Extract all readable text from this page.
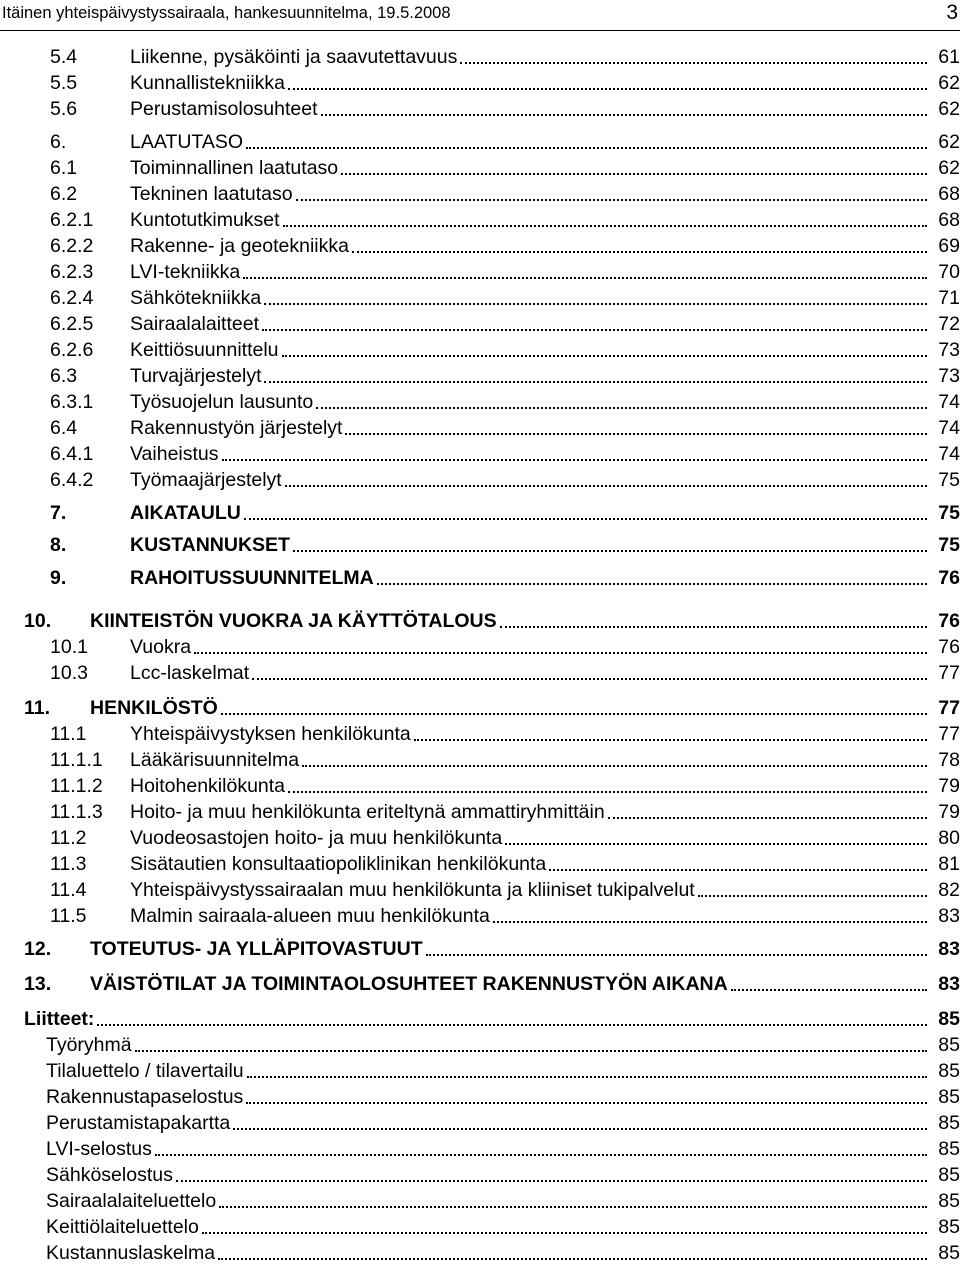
Itäinen yhteispäivystyssairaala, hankesuunnitelma, 19.5.2008	3
5.4	Liikenne, pysäköinti ja saavutettavuus	61
5.5	Kunnallistekniikka	62
5.6	Perustamisolosuhteet	62
6.	LAATUTASO	62
6.1	Toiminnallinen laatutaso	62
6.2	Tekninen laatutaso	68
6.2.1	Kuntotutkimukset	68
6.2.2	Rakenne- ja geotekniikka	69
6.2.3	LVI-tekniikka	70
6.2.4	Sähkötekniikka	71
6.2.5	Sairaalalaitteet	72
6.2.6	Keittiösuunnittelu	73
6.3	Turvajärjestelyt	73
6.3.1	Työsuojelun lausunto	74
6.4	Rakennustyön järjestelyt	74
6.4.1	Vaiheistus	74
6.4.2	Työmaajärjestelyt	75
7.	AIKATAULU	75
8.	KUSTANNUKSET	75
9.	RAHOITUSSUUNNITELMA	76
10.	KIINTEISTÖN VUOKRA JA KÄYTTÖTALOUS	76
10.1	Vuokra	76
10.3	Lcc-laskelmat	77
11.	HENKILÖSTÖ	77
11.1	Yhteispäivystyksen henkilökunta	77
11.1.1	Lääkärisuunnitelma	78
11.1.2	Hoitohenkilökunta	79
11.1.3	Hoito- ja muu henkilökunta eriteltynä ammattiryhmittäin	79
11.2	Vuodeosastojen hoito- ja muu henkilökunta	80
11.3	Sisätautien konsultaatiopoliklinikan henkilökunta	81
11.4	Yhteispäivystyssairaalan muu henkilökunta ja kliiniset tukipalvelut	82
11.5	Malmin sairaala-alueen muu henkilökunta	83
12.	TOTEUTUS- JA YLLÄPITOVASTUUT	83
13.	VÄISTÖTILAT JA TOIMINTAOLOSUHTEET RAKENNUSTYÖN AIKANA	83
Liitteet:	85
Työryhmä	85
Tilaluettelo / tilavertailu	85
Rakennustapaselostus	85
Perustamistapakartta	85
LVI-selostus	85
Sähköselostus	85
Sairaalalaiteluettelo	85
Keittiölaiteluettelo	85
Kustannuslaskelma	85
